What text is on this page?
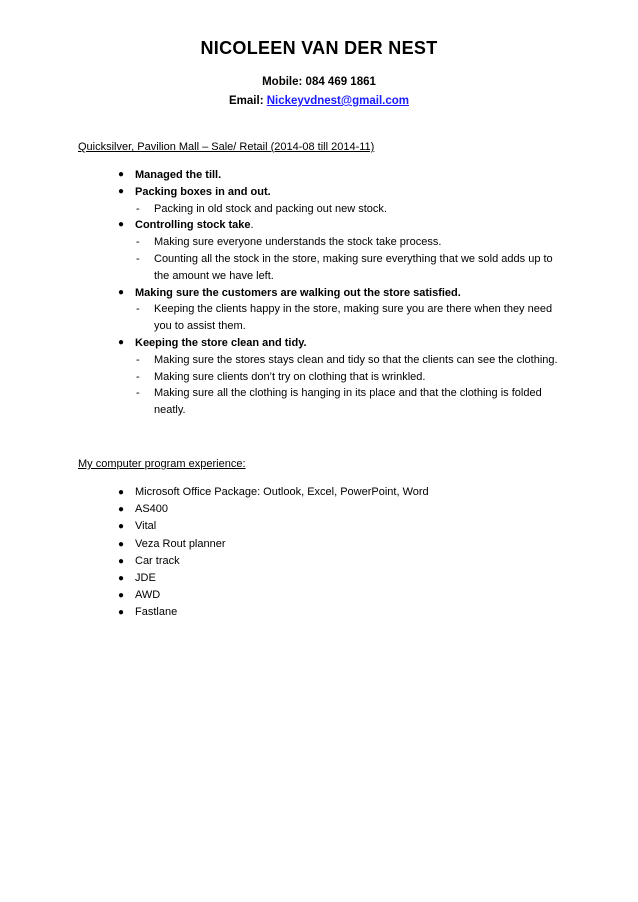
NICOLEEN VAN DER NEST
Mobile: 084 469 1861
Email: Nickeyvdnest@gmail.com
Quicksilver, Pavilion Mall – Sale/ Retail (2014-08 till 2014-11)
● Managed the till.
● Packing boxes in and out.
- Packing in old stock and packing out new stock.
● Controlling stock take.
- Making sure everyone understands the stock take process.
- Counting all the stock in the store, making sure everything that we sold adds up to the amount we have left.
● Making sure the customers are walking out the store satisfied.
- Keeping the clients happy in the store, making sure you are there when they need you to assist them.
● Keeping the store clean and tidy.
- Making sure the stores stays clean and tidy so that the clients can see the clothing.
- Making sure clients don’t try on clothing that is wrinkled.
- Making sure all the clothing is hanging in its place and that the clothing is folded neatly.
My computer program experience:
● Microsoft Office Package: Outlook, Excel, PowerPoint, Word
● AS400
● Vital
● Veza Rout planner
● Car track
● JDE
● AWD
● Fastlane
